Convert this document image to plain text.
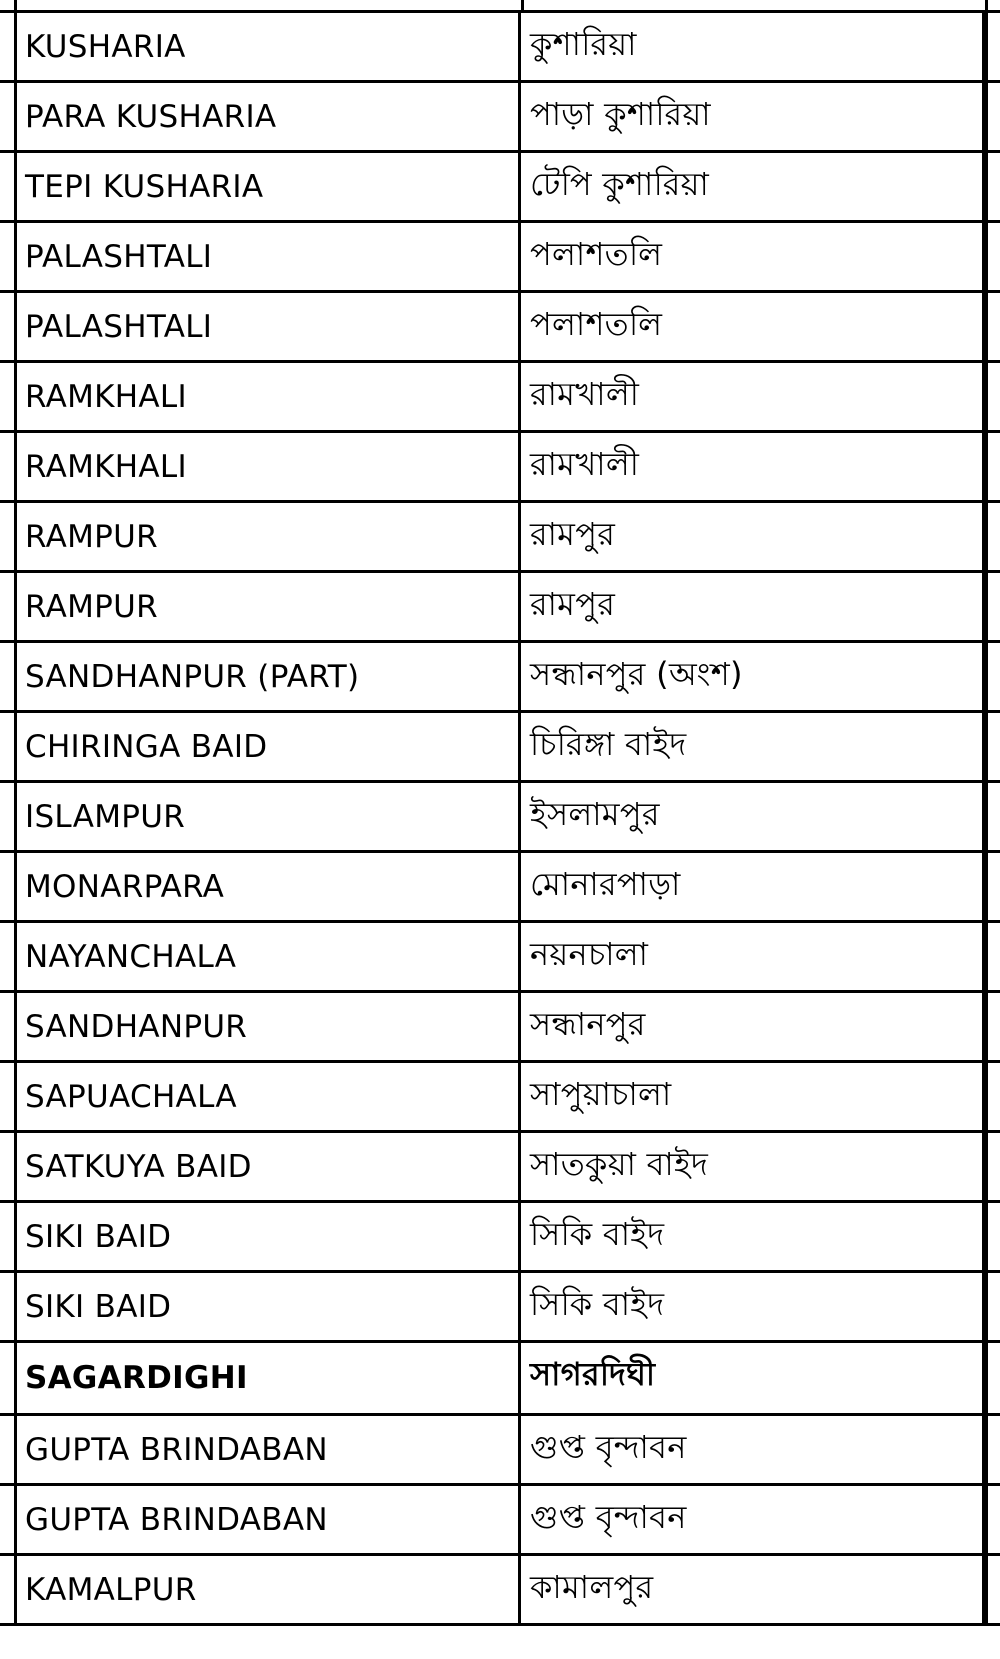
KUSHARIA	কুশারিয়া
PARA KUSHARIA	পাড়া কুশারিয়া
TEPI KUSHARIA	টেপি কুশারিয়া
PALASHTALI	পলাশতলি
PALASHTALI	পলাশতলি
RAMKHALI	রামখালী
RAMKHALI	রামখালী
RAMPUR	রামপুর
RAMPUR	রামপুর
SANDHANPUR (PART)	সন্ধানপুর (অংশ)
CHIRINGA BAID	চিরিঙ্গা বাইদ
ISLAMPUR	ইসলামপুর
MONARPARA	মোনারপাড়া
NAYANCHALA	নয়নচালা
SANDHANPUR	সন্ধানপুর
SAPUACHALA	সাপুয়াচালা
SATKUYA BAID	সাতকুয়া বাইদ
SIKI BAID	সিকি বাইদ
SIKI BAID	সিকি বাইদ
SAGARDIGHI	সাগরদিঘী
GUPTA BRINDABAN	গুপ্ত বৃন্দাবন
GUPTA BRINDABAN	গুপ্ত বৃন্দাবন
KAMALPUR	কামালপুর
